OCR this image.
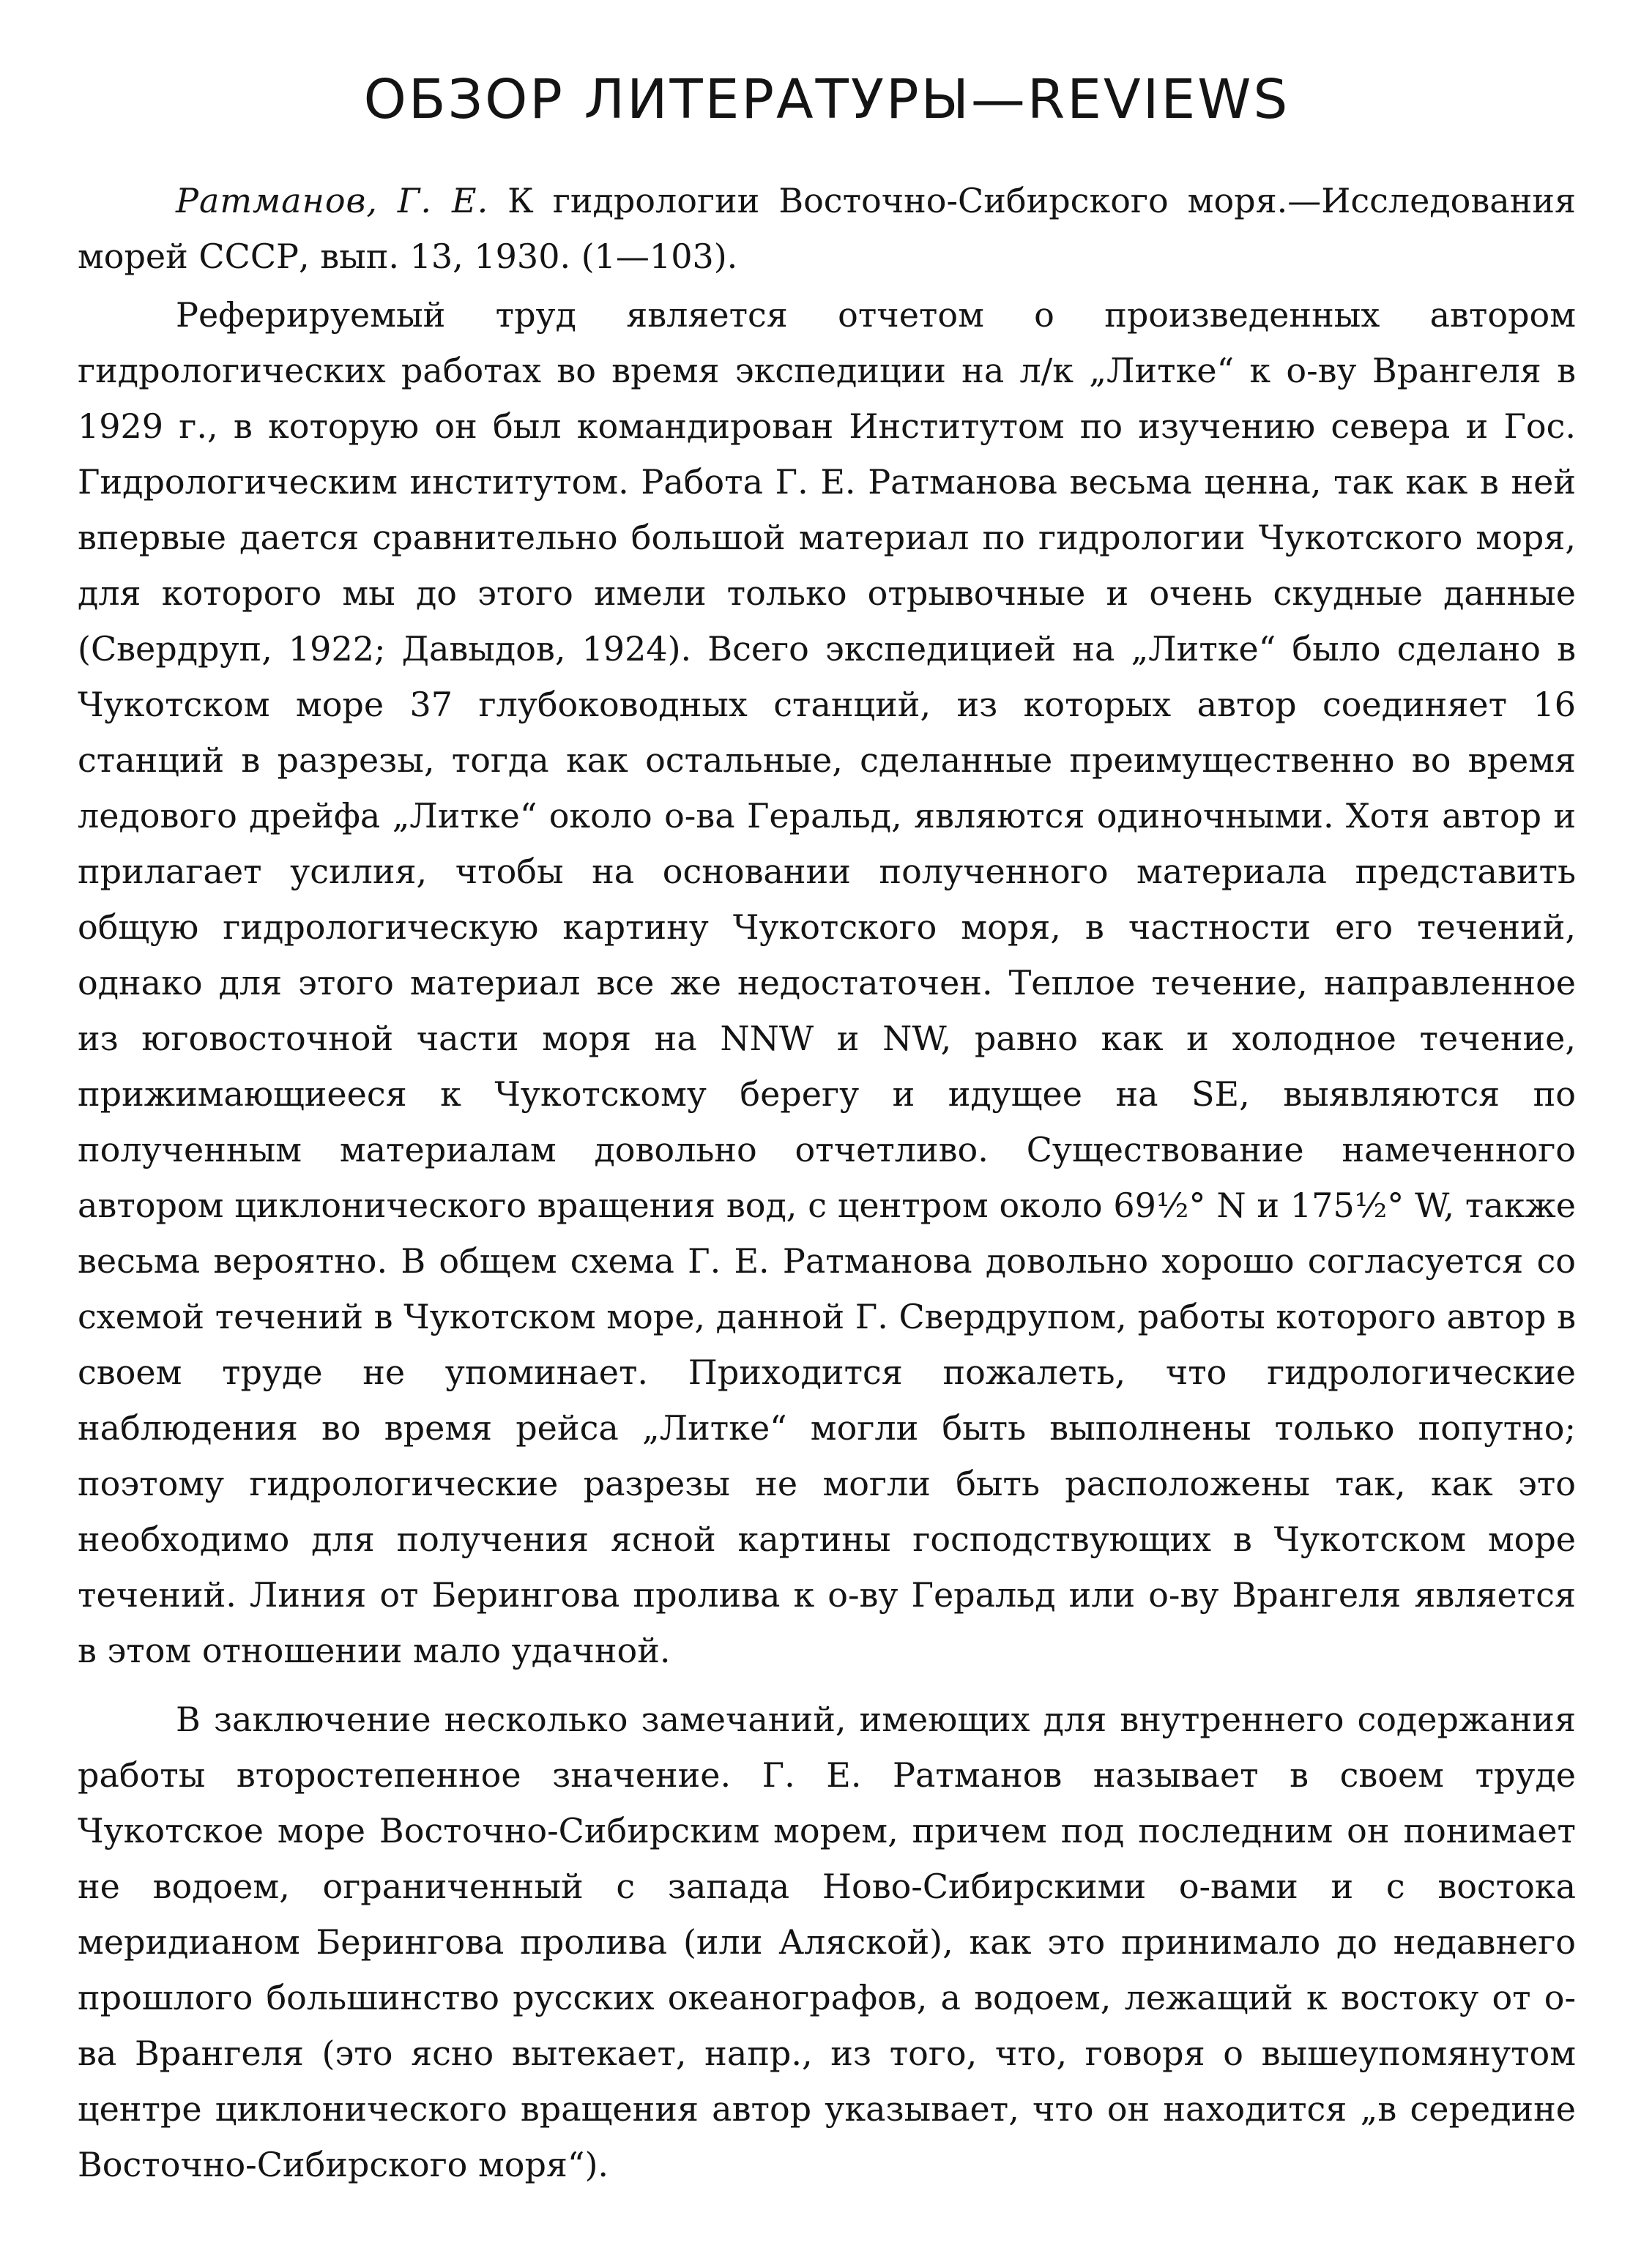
ОБЗОР ЛИТЕРАТУРЫ—REVIEWS

Ратманов, Г. Е. К гидрологии Восточно-Сибирского моря.—Исследования морей СССР, вып. 13, 1930. (1—103).

Реферируемый труд является отчетом о произведенных автором гидрологических работах во время экспедиции на л/к „Литке“ к о-ву Врангеля в 1929 г., в которую он был командирован Институтом по изучению севера и Гос. Гидрологическим институтом. Работа Г. Е. Ратманова весьма ценна, так как в ней впервые дается сравнительно большой материал по гидрологии Чукотского моря, для которого мы до этого имели только отрывочные и очень скудные данные (Свердруп, 1922; Давыдов, 1924). Всего экспедицией на „Литке“ было сделано в Чукотском море 37 глубоководных станций, из которых автор соединяет 16 станций в разрезы, тогда как остальные, сделанные преимущественно во время ледового дрейфа „Литке“ около о-ва Геральд, являются одиночными. Хотя автор и прилагает усилия, чтобы на основании полученного материала представить общую гидрологическую картину Чукотского моря, в частности его течений, однако для этого материал все же недостаточен. Теплое течение, направленное из юговосточной части моря на NNW и NW, равно как и холодное течение, прижимающиееся к Чукотскому берегу и идущее на SE, выявляются по полученным материалам довольно отчетливо. Существование намеченного автором циклонического вращения вод, с центром около 69½° N и 175½° W, также весьма вероятно. В общем схема Г. Е. Ратманова довольно хорошо согласуется со схемой течений в Чукотском море, данной Г. Свердрупом, работы которого автор в своем труде не упоминает. Приходится пожалеть, что гидрологические наблюдения во время рейса „Литке“ могли быть выполнены только попутно; поэтому гидрологические разрезы не могли быть расположены так, как это необходимо для получения ясной картины господствующих в Чукотском море течений. Линия от Берингова пролива к о-ву Геральд или о-ву Врангеля является в этом отношении мало удачной.

В заключение несколько замечаний, имеющих для внутреннего содержания работы второстепенное значение. Г. Е. Ратманов называет в своем труде Чукотское море Восточно-Сибирским морем, причем под последним он понимает не водоем, ограниченный с запада Ново-Сибирскими о-вами и с востока меридианом Берингова пролива (или Аляской), как это принимало до недавнего прошлого большинство русских океанографов, а водоем, лежащий к востоку от о-ва Врангеля (это ясно вытекает, напр., из того, что, говоря о вышеупомянутом центре циклонического вращения автор указывает, что он находится „в середине Восточно-Сибирского моря“).
